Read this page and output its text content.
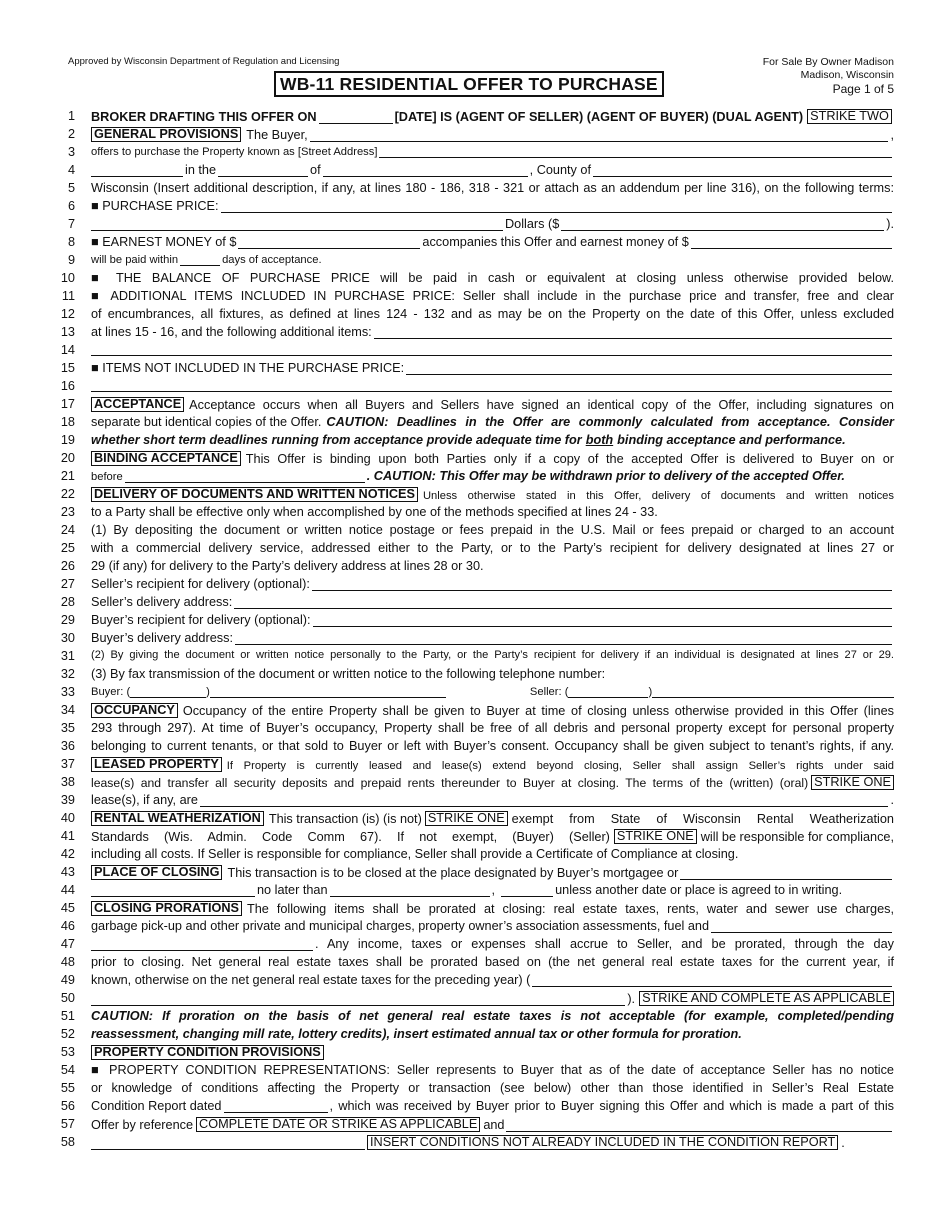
Approved by Wisconsin Department of Regulation and Licensing
WB-11 RESIDENTIAL OFFER TO PURCHASE
For Sale By Owner Madison
Madison, Wisconsin
Page 1 of 5
1 BROKER DRAFTING THIS OFFER ON	[DATE] IS (AGENT OF SELLER) (AGENT OF BUYER) (DUAL AGENT) STRIKE TWO
2 GENERAL PROVISIONS The Buyer,	,
3 offers to purchase the Property known as [Street Address]
4	in the	of	, County of
5 Wisconsin (Insert additional description, if any, at lines 180 - 186, 318 - 321 or attach as an addendum per line 316), on the following terms:
6 ■ PURCHASE PRICE:
7	Dollars ($	).
8 ■ EARNEST MONEY of $	accompanies this Offer and earnest money of $
9 will be paid within	days of acceptance.
10 ■ THE BALANCE OF PURCHASE PRICE will be paid in cash or equivalent at closing unless otherwise provided below.
11 ■ ADDITIONAL ITEMS INCLUDED IN PURCHASE PRICE: Seller shall include in the purchase price and transfer, free and clear
12 of encumbrances, all fixtures, as defined at lines 124 - 132 and as may be on the Property on the date of this Offer, unless excluded
13 at lines 15 - 16, and the following additional items:
14
15 ■ ITEMS NOT INCLUDED IN THE PURCHASE PRICE:
16
17 ACCEPTANCE Acceptance occurs when all Buyers and Sellers have signed an identical copy of the Offer, including signatures on
18 separate but identical copies of the Offer. CAUTION: Deadlines in the Offer are commonly calculated from acceptance. Consider
19 whether short term deadlines running from acceptance provide adequate time for both binding acceptance and performance.
20 BINDING ACCEPTANCE This Offer is binding upon both Parties only if a copy of the accepted Offer is delivered to Buyer on or
21 before	. CAUTION: This Offer may be withdrawn prior to delivery of the accepted Offer.
22 DELIVERY OF DOCUMENTS AND WRITTEN NOTICES Unless otherwise stated in this Offer, delivery of documents and written notices
23 to a Party shall be effective only when accomplished by one of the methods specified at lines 24 - 33.
24 (1) By depositing the document or written notice postage or fees prepaid in the U.S. Mail or fees prepaid or charged to an account
25 with a commercial delivery service, addressed either to the Party, or to the Party’s recipient for delivery designated at lines 27 or
26 29 (if any) for delivery to the Party’s delivery address at lines 28 or 30.
27 Seller’s recipient for delivery (optional):
28 Seller’s delivery address:
29 Buyer’s recipient for delivery (optional):
30 Buyer’s delivery address:
31 (2) By giving the document or written notice personally to the Party, or the Party’s recipient for delivery if an individual is designated at lines 27 or 29.
32 (3) By fax transmission of the document or written notice to the following telephone number:
33 Buyer: (	)	Seller: (	)
34 OCCUPANCY Occupancy of the entire Property shall be given to Buyer at time of closing unless otherwise provided in this Offer (lines
35 293 through 297). At time of Buyer’s occupancy, Property shall be free of all debris and personal property except for personal property
36 belonging to current tenants, or that sold to Buyer or left with Buyer’s consent. Occupancy shall be given subject to tenant’s rights, if any.
37 LEASED PROPERTY If Property is currently leased and lease(s) extend beyond closing, Seller shall assign Seller’s rights under said
38 lease(s) and transfer all security deposits and prepaid rents thereunder to Buyer at closing. The terms of the (written) (oral) STRIKE ONE
39 lease(s), if any, are	.
40 RENTAL WEATHERIZATION This transaction (is) (is not) STRIKE ONE exempt from State of Wisconsin Rental Weatherization
41 Standards (Wis. Admin. Code Comm 67). If not exempt, (Buyer) (Seller) STRIKE ONE will be responsible for compliance,
42 including all costs. If Seller is responsible for compliance, Seller shall provide a Certificate of Compliance at closing.
43 PLACE OF CLOSING This transaction is to be closed at the place designated by Buyer’s mortgagee or
44	no later than	,	unless another date or place is agreed to in writing.
45 CLOSING PRORATIONS The following items shall be prorated at closing: real estate taxes, rents, water and sewer use charges,
46 garbage pick-up and other private and municipal charges, property owner’s association assessments, fuel and
47	. Any income, taxes or expenses shall accrue to Seller, and be prorated, through the day
48 prior to closing. Net general real estate taxes shall be prorated based on (the net general real estate taxes for the current year, if
49 known, otherwise on the net general real estate taxes for the preceding year) (
50	). STRIKE AND COMPLETE AS APPLICABLE
51 CAUTION: If proration on the basis of net general real estate taxes is not acceptable (for example, completed/pending
52 reassessment, changing mill rate, lottery credits), insert estimated annual tax or other formula for proration.
53 PROPERTY CONDITION PROVISIONS
54 ■ PROPERTY CONDITION REPRESENTATIONS: Seller represents to Buyer that as of the date of acceptance Seller has no notice
55 or knowledge of conditions affecting the Property or transaction (see below) other than those identified in Seller’s Real Estate
56 Condition Report dated	, which was received by Buyer prior to Buyer signing this Offer and which is made a part of this
57 Offer by reference COMPLETE DATE OR STRIKE AS APPLICABLE and
58	INSERT CONDITIONS NOT ALREADY INCLUDED IN THE CONDITION REPORT .
